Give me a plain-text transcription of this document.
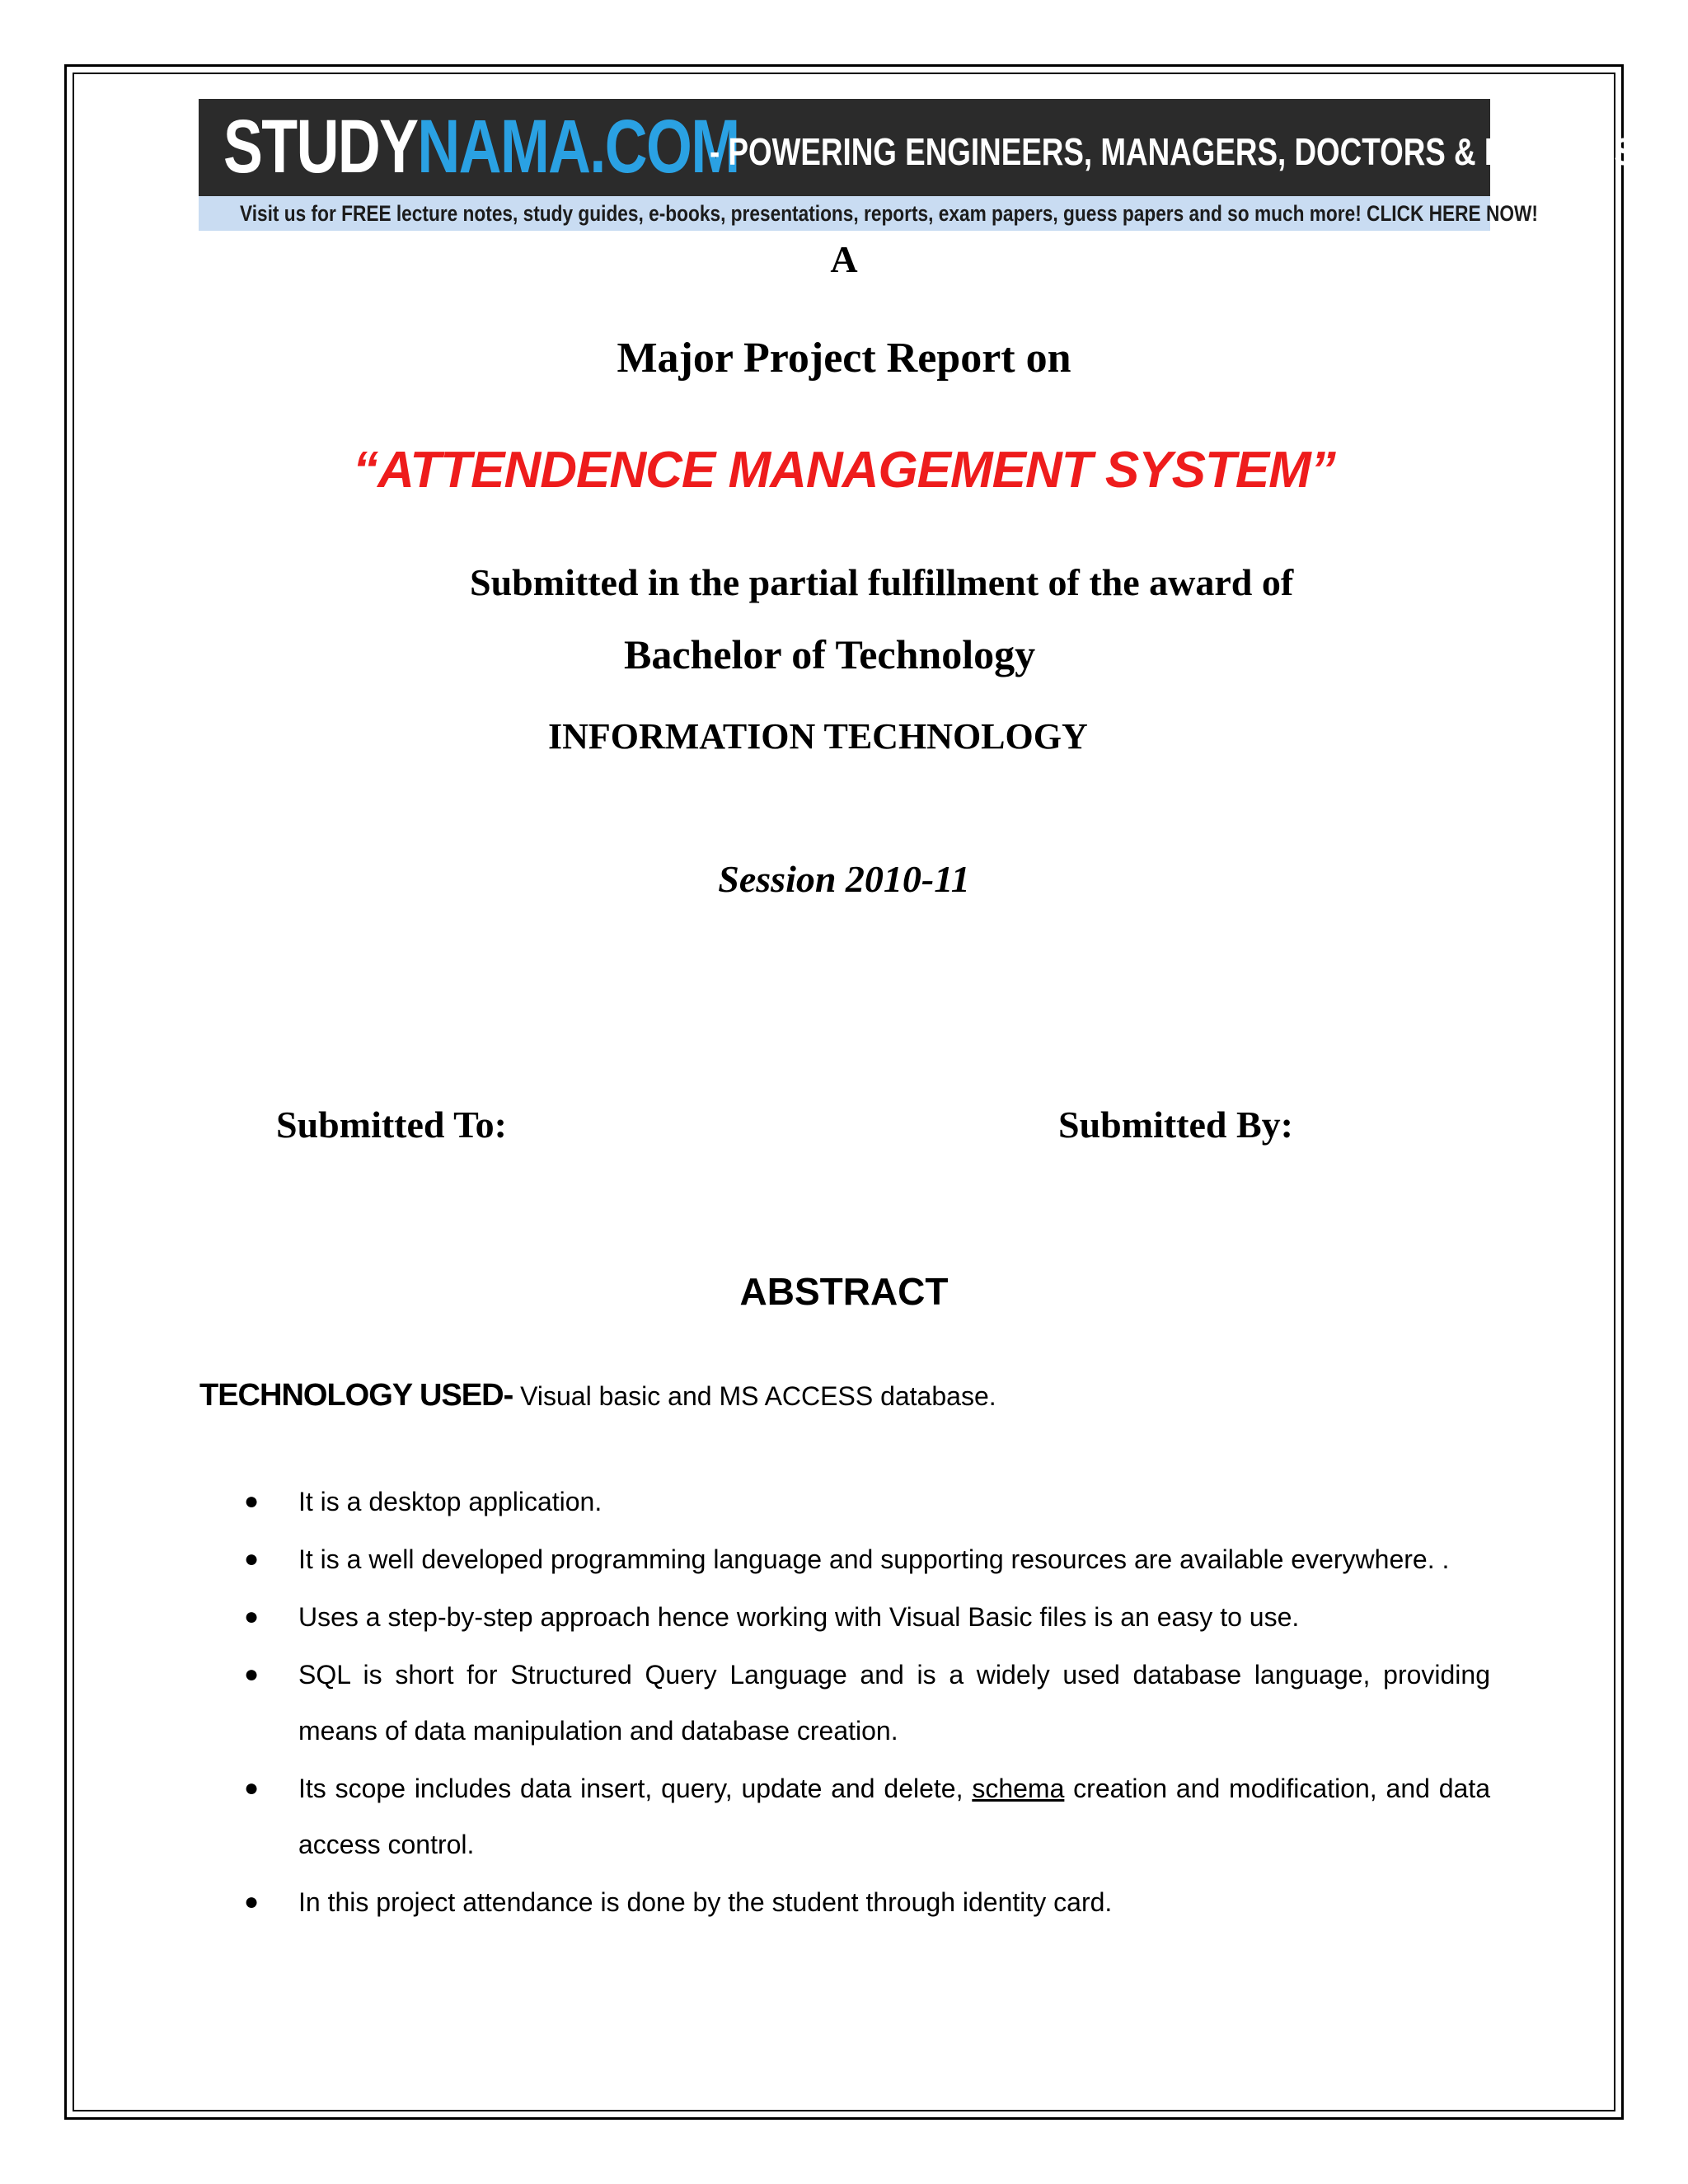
STUDYNAMA.COM
- POWERING ENGINEERS, MANAGERS, DOCTORS & LAWYERS.
Visit us for FREE lecture notes, study guides, e-books, presentations, reports, exam papers, guess papers and so much more! CLICK HERE NOW!
A
Major Project Report on
“ATTENDENCE MANAGEMENT SYSTEM”
Submitted in the partial fulfillment of the award of
Bachelor of Technology
INFORMATION TECHNOLOGY
Session 2010-11
Submitted To:	Submitted By:
ABSTRACT
TECHNOLOGY USED- Visual basic and MS ACCESS database.
● It is a desktop application.
● It is a well developed programming language and supporting resources are available everywhere. .
● Uses a step-by-step approach hence working with Visual Basic files is an easy to use.
● SQL is short for Structured Query Language and is a widely used database language, providing means of data manipulation and database creation.
● Its scope includes data insert, query, update and delete, schema creation and modification, and data access control.
● In this project attendance is done by the student through identity card.
